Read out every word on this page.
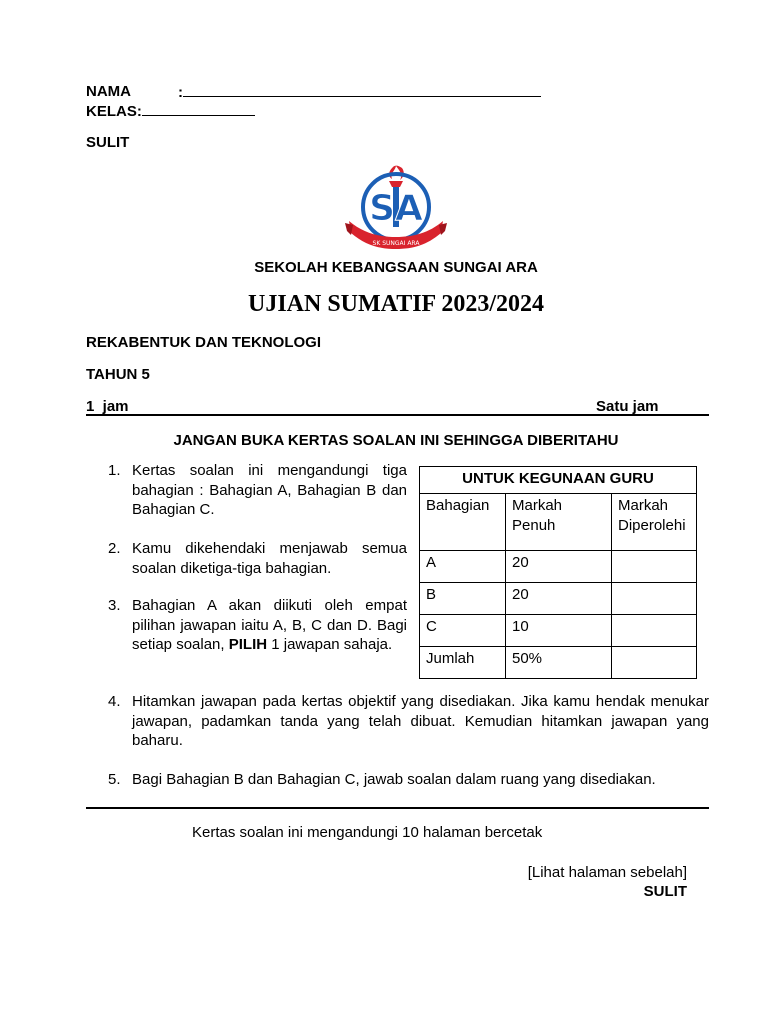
NAMA	:
KELAS:
SULIT
SA
SK SUNGAI ARA
SEKOLAH KEBANGSAAN SUNGAI ARA
UJIAN SUMATIF 2023/2024
REKABENTUK DAN TEKNOLOGI
TAHUN 5
1  jam	Satu jam
JANGAN BUKA KERTAS SOALAN INI SEHINGGA DIBERITAHU
1. Kertas soalan ini mengandungi tiga bahagian : Bahagian A, Bahagian B dan Bahagian C.
2. Kamu dikehendaki menjawab semua soalan diketiga-tiga bahagian.
3. Bahagian A akan diikuti oleh empat pilihan jawapan iaitu A, B, C dan D. Bagi setiap soalan, PILIH 1 jawapan sahaja.
4. Hitamkan jawapan pada kertas objektif yang disediakan. Jika kamu hendak menukar jawapan, padamkan tanda yang telah dibuat. Kemudian hitamkan jawapan yang baharu.
5. Bagi Bahagian B dan Bahagian C, jawab soalan dalam ruang yang disediakan.
UNTUK KEGUNAAN GURU		
Bahagian	Markah Penuh	Markah Diperolehi
A	20	
B	20	
C	10	
Jumlah	50%	
Kertas soalan ini mengandungi 10 halaman bercetak
[Lihat halaman sebelah]
SULIT
